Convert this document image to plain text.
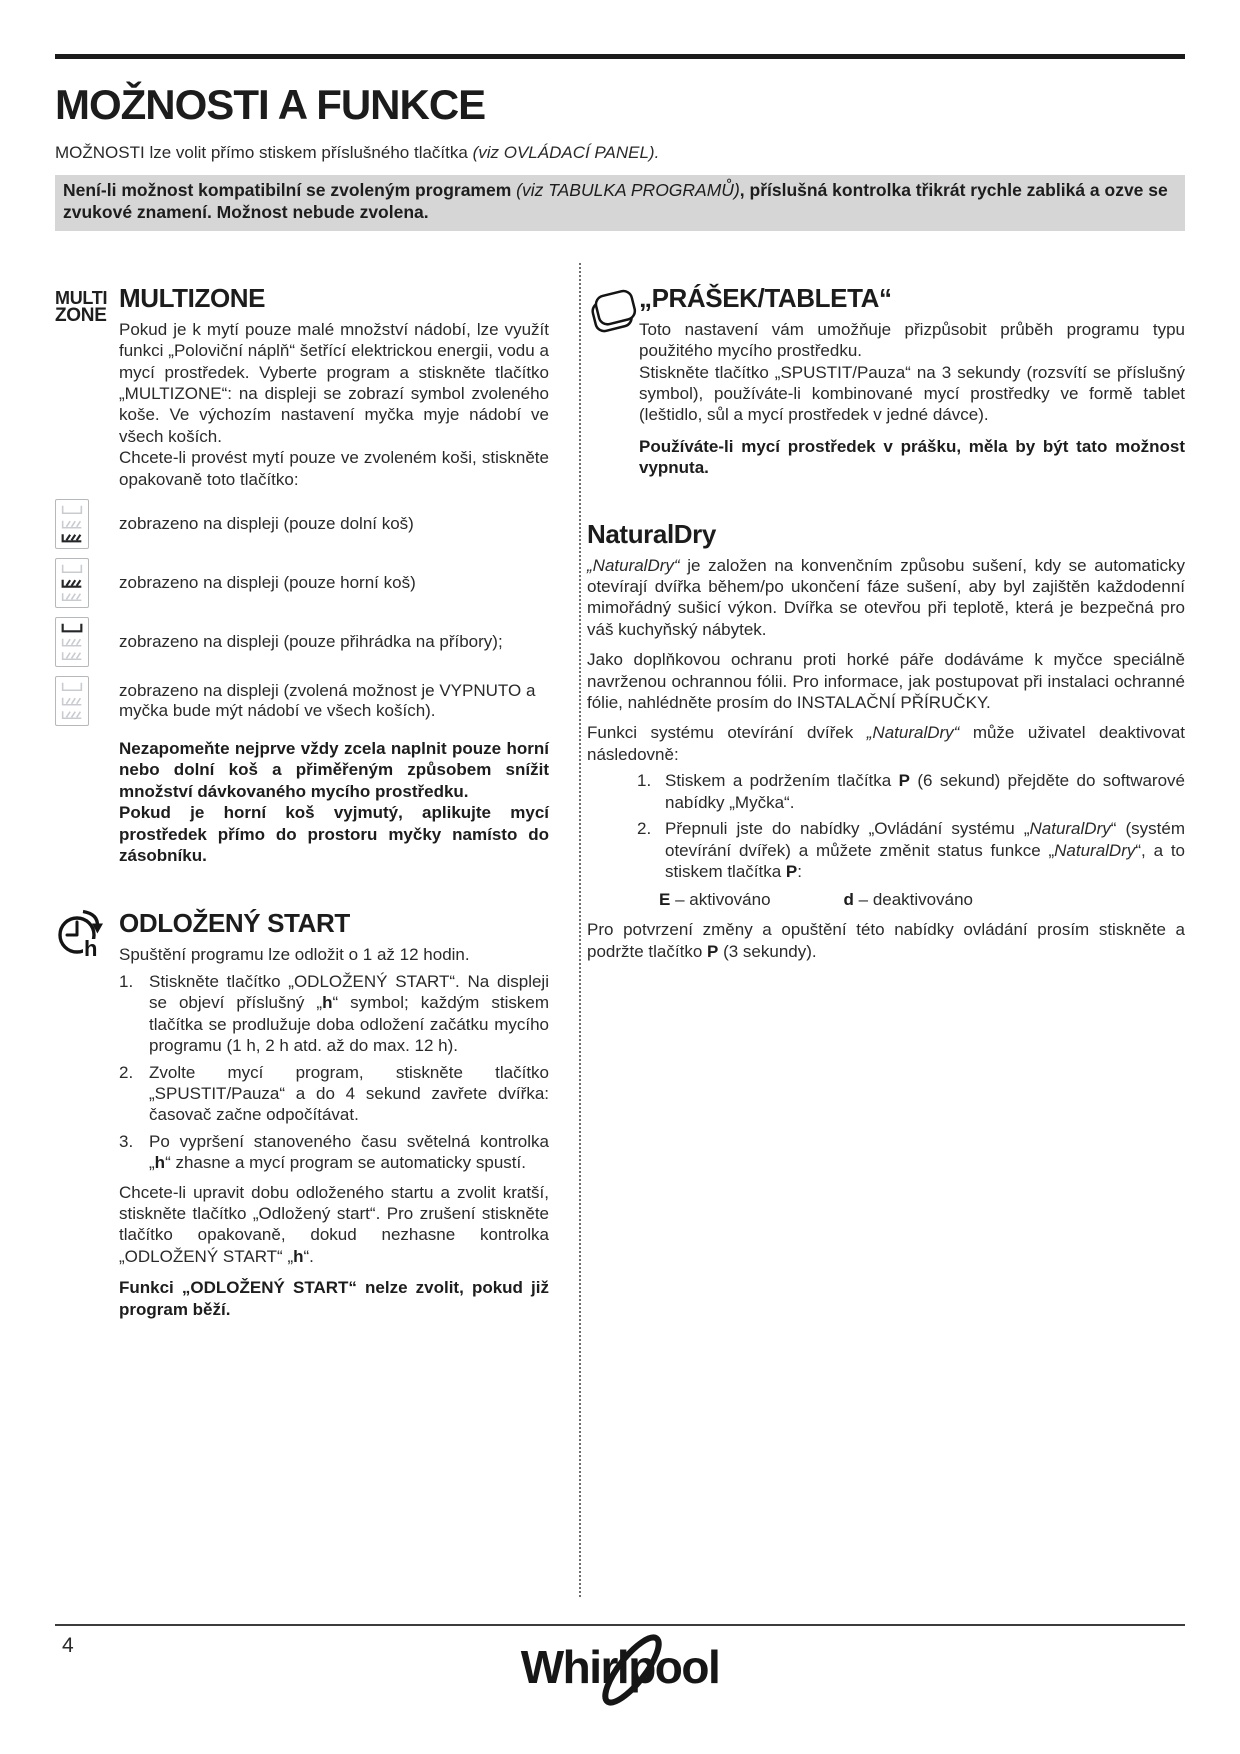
MOŽNOSTI A FUNKCE

MOŽNOSTI lze volit přímo stiskem příslušného tlačítka (viz OVLÁDACÍ PANEL).

Není-li možnost kompatibilní se zvoleným programem (viz TABULKA PROGRAMŮ), příslušná kontrolka třikrát rychle zabliká a ozve se zvukové znamení. Možnost nebude zvolena.
MULTI
ZONE
MULTIZONE

Pokud je k mytí pouze malé množství nádobí, lze využít funkci „Poloviční náplň“ šetřící elektrickou energii, vodu a mycí prostředek. Vyberte program a stiskněte tlačítko „MULTIZONE“: na displeji se zobrazí symbol zvoleného koše. Ve výchozím nastavení myčka myje nádobí ve všech koších.

Chcete-li provést mytí pouze ve zvoleném koši, stiskněte opakovaně toto tlačítko:

zobrazeno na displeji (pouze dolní koš)
zobrazeno na displeji (pouze horní koš)
zobrazeno na displeji (pouze přihrádka na příbory);
zobrazeno na displeji (zvolená možnost je VYPNUTO a myčka bude mýt nádobí ve všech koších).

Nezapomeňte nejprve vždy zcela naplnit pouze horní nebo dolní koš a přiměřeným způsobem snížit množství dávkovaného mycího prostředku.

Pokud je horní koš vyjmutý, aplikujte mycí prostředek přímo do prostoru myčky namísto do zásobníku.

h
ODLOŽENÝ START

Spuštění programu lze odložit o 1 až 12 hodin.

1. Stiskněte tlačítko „ODLOŽENÝ START“. Na displeji se objeví příslušný „h“ symbol; každým stiskem tlačítka se prodlužuje doba odložení začátku mycího programu (1 h, 2 h atd. až do max. 12 h).
2. Zvolte mycí program, stiskněte tlačítko „SPUSTIT/Pauza“ a do 4 sekund zavřete dvířka: časovač začne odpočítávat.
3. Po vypršení stanoveného času světelná kontrolka „h“ zhasne a mycí program se automaticky spustí.

Chcete-li upravit dobu odloženého startu a zvolit kratší, stiskněte tlačítko „Odložený start“. Pro zrušení stiskněte tlačítko opakovaně, dokud nezhasne kontrolka „ODLOŽENÝ START“ „h“.

Funkci „ODLOŽENÝ START“ nelze zvolit, pokud již program běží.

„PRÁŠEK/TABLETA“

Toto nastavení vám umožňuje přizpůsobit průběh programu typu použitého mycího prostředku.

Stiskněte tlačítko „SPUSTIT/Pauza“ na 3 sekundy (rozsvítí se příslušný symbol), používáte-li kombinované mycí prostředky ve formě tablet (leštidlo, sůl a mycí prostředek v jedné dávce).

Používáte-li mycí prostředek v prášku, měla by být tato možnost vypnuta.

NaturalDry

„NaturalDry“ je založen na konvenčním způsobu sušení, kdy se automaticky otevírají dvířka během/po ukončení fáze sušení, aby byl zajištěn každodenní mimořádný sušicí výkon. Dvířka se otevřou při teplotě, která je bezpečná pro váš kuchyňský nábytek.

Jako doplňkovou ochranu proti horké páře dodáváme k myčce speciálně navrženou ochrannou fólii. Pro informace, jak postupovat při instalaci ochranné fólie, nahlédněte prosím do INSTALAČNÍ PŘÍRUČKY.

Funkci systému otevírání dvířek „NaturalDry“ může uživatel deaktivovat následovně:

1. Stiskem a podržením tlačítka P (6 sekund) přejděte do softwarové nabídky „Myčka“.
2. Přepnuli jste do nabídky „Ovládání systému „NaturalDry“ (systém otevírání dvířek) a můžete změnit status funkce „NaturalDry“, a to stiskem tlačítka P:
E – aktivováno	d – deaktivováno

Pro potvrzení změny a opuštění této nabídky ovládání prosím stiskněte a podržte tlačítko P (3 sekundy).

4	Whirlpool
